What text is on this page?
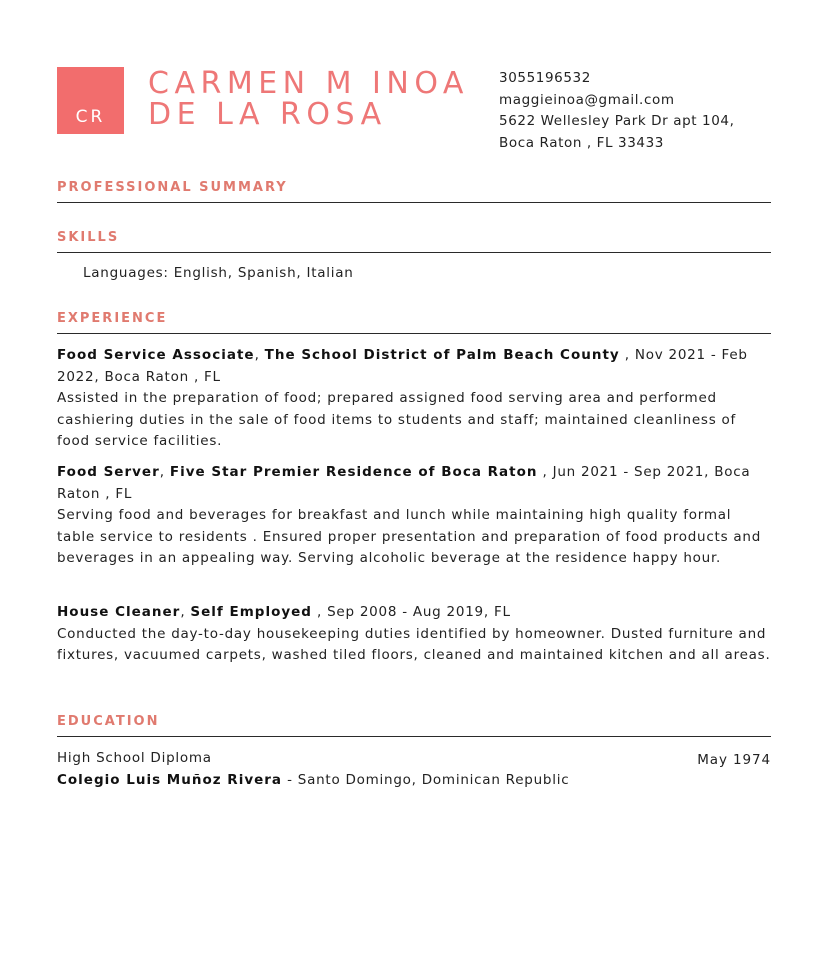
CR
CARMEN M INOA
DE LA ROSA
3055196532
maggieinoa@gmail.com
5622 Wellesley Park Dr apt 104,
Boca Raton , FL 33433
PROFESSIONAL SUMMARY
SKILLS
Languages: English, Spanish, Italian
EXPERIENCE
Food Service Associate, The School District of Palm Beach County , Nov 2021 - Feb 2022, Boca Raton , FL
Assisted in the preparation of food; prepared assigned food serving area and performed cashiering duties in the sale of food items to students and staff; maintained cleanliness of food service facilities.
Food Server, Five Star Premier Residence of Boca Raton , Jun 2021 - Sep 2021, Boca Raton , FL
Serving food and beverages for breakfast and lunch while maintaining high quality formal table service to residents . Ensured proper presentation and preparation of food products and beverages in an appealing way. Serving alcoholic beverage at the residence happy hour.
House Cleaner, Self Employed , Sep 2008 - Aug 2019, FL
Conducted the day-to-day housekeeping duties identified by homeowner. Dusted furniture and fixtures, vacuumed carpets, washed tiled floors, cleaned and maintained kitchen and all areas.
EDUCATION
High School Diploma	May 1974
Colegio Luis Muñoz Rivera - Santo Domingo, Dominican Republic
